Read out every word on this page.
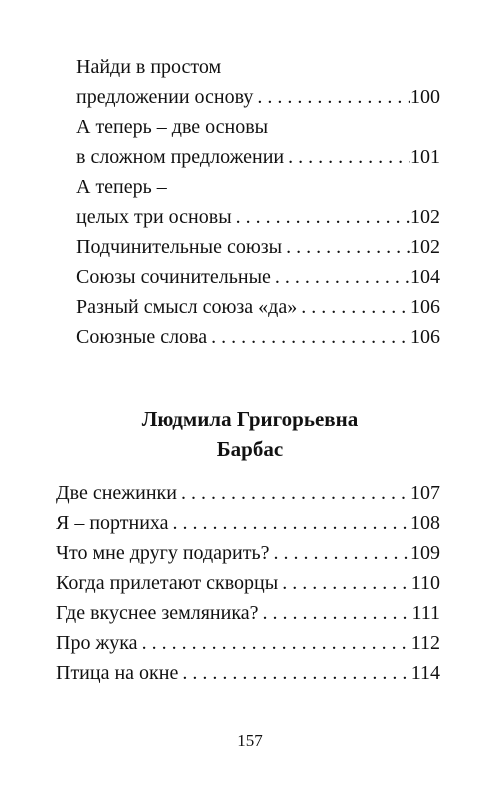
Найди в простом
предложении основу . . .	100
А теперь – две основы
в сложном предложении . . .	101
А теперь –
целых три основы . . .	102
Подчинительные союзы . . .	102
Союзы сочинительные . . .	104
Разный смысл союза «да» . . .	106
Союзные слова . . .	106
Людмила Григорьевна
Барбас
Две снежинки . . .	107
Я – портниха . . .	108
Что мне другу подарить? . . .	109
Когда прилетают скворцы . . .	110
Где вкуснее земляника? . . .	111
Про жука . . .	112
Птица на окне . . .	114
157
